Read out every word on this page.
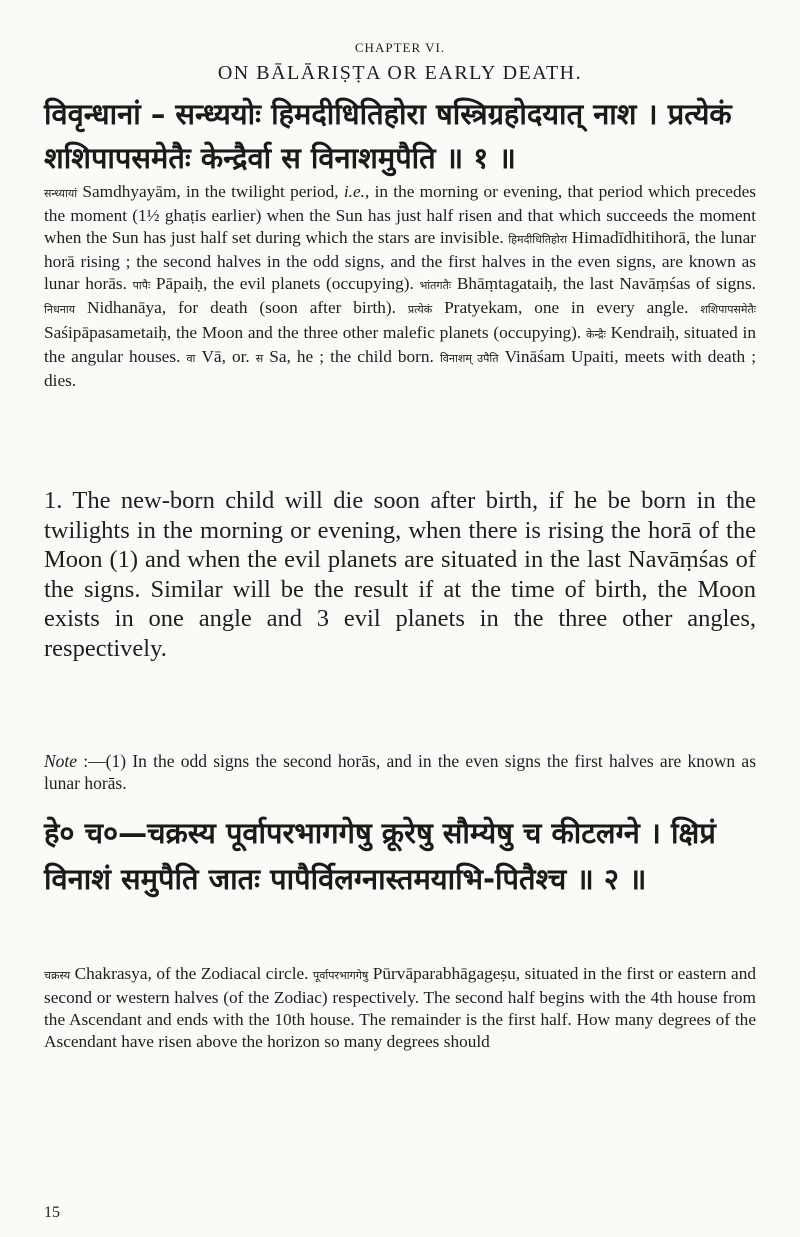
CHAPTER VI.
ON BĀLĀRIṢṬA OR EARLY DEATH.
विवृन्धानां – सन्ध्ययोः हिमदीधितिहोरा षस्त्रिग्रहोदयात् नाश । प्रत्येकं शशिपापसमेतैः केन्द्रैर्वा स विनाशमुपैति ॥ १ ॥
सन्ध्यायां Samdhyayām, in the twilight period, i.e., in the morning or evening, that period which precedes the moment (1½ ghaṭis earlier) when the Sun has just half risen and that which succeeds the moment when the Sun has just half set during which the stars are invisible. हिमदीधितिहोरा Himadīdhitihorā, the lunar horā rising ; the second halves in the odd signs, and the first halves in the even signs, are known as lunar horās. पापैः Pāpaiḥ, the evil planets (occupying). भांतगतैः Bhāṃtagataiḥ, the last Navāṃśas of signs. निधनाय Nidhanāya, for death (soon after birth). प्रत्येकं Pratyekam, one in every angle. शशिपापसमेतैः Saśipāpasametaiḥ, the Moon and the three other malefic planets (occupying). केन्द्रैः Kendraiḥ, situated in the angular houses. वा Vā, or. स Sa, he ; the child born. विनाशम् उपैति Vināśam Upaiti, meets with death ; dies.
1. The new-born child will die soon after birth, if he be born in the twilights in the morning or evening, when there is rising the horā of the Moon (1) and when the evil planets are situated in the last Navāṃśas of the signs. Similar will be the result if at the time of birth, the Moon exists in one angle and 3 evil planets in the three other angles, respectively.
Note :—(1) In the odd signs the second horās, and in the even signs the first halves are known as lunar horās.
हे० च०—चक्रस्य पूर्वापरभागगेषु क्रूरेषु सौम्येषु च कीटलग्ने । क्षिप्रं विनाशं समुपैति जातः पापैर्विलग्नास्तमयाभि-पितैश्च ॥ २ ॥
चक्रस्य Chakrasya, of the Zodiacal circle. पूर्वापरभागगेषु Pūrvāparabhāgageṣu, situated in the first or eastern and second or western halves (of the Zodiac) respectively. The second half begins with the 4th house from the Ascendant and ends with the 10th house. The remainder is the first half. How many degrees of the Ascendant have risen above the horizon so many degrees should
15
